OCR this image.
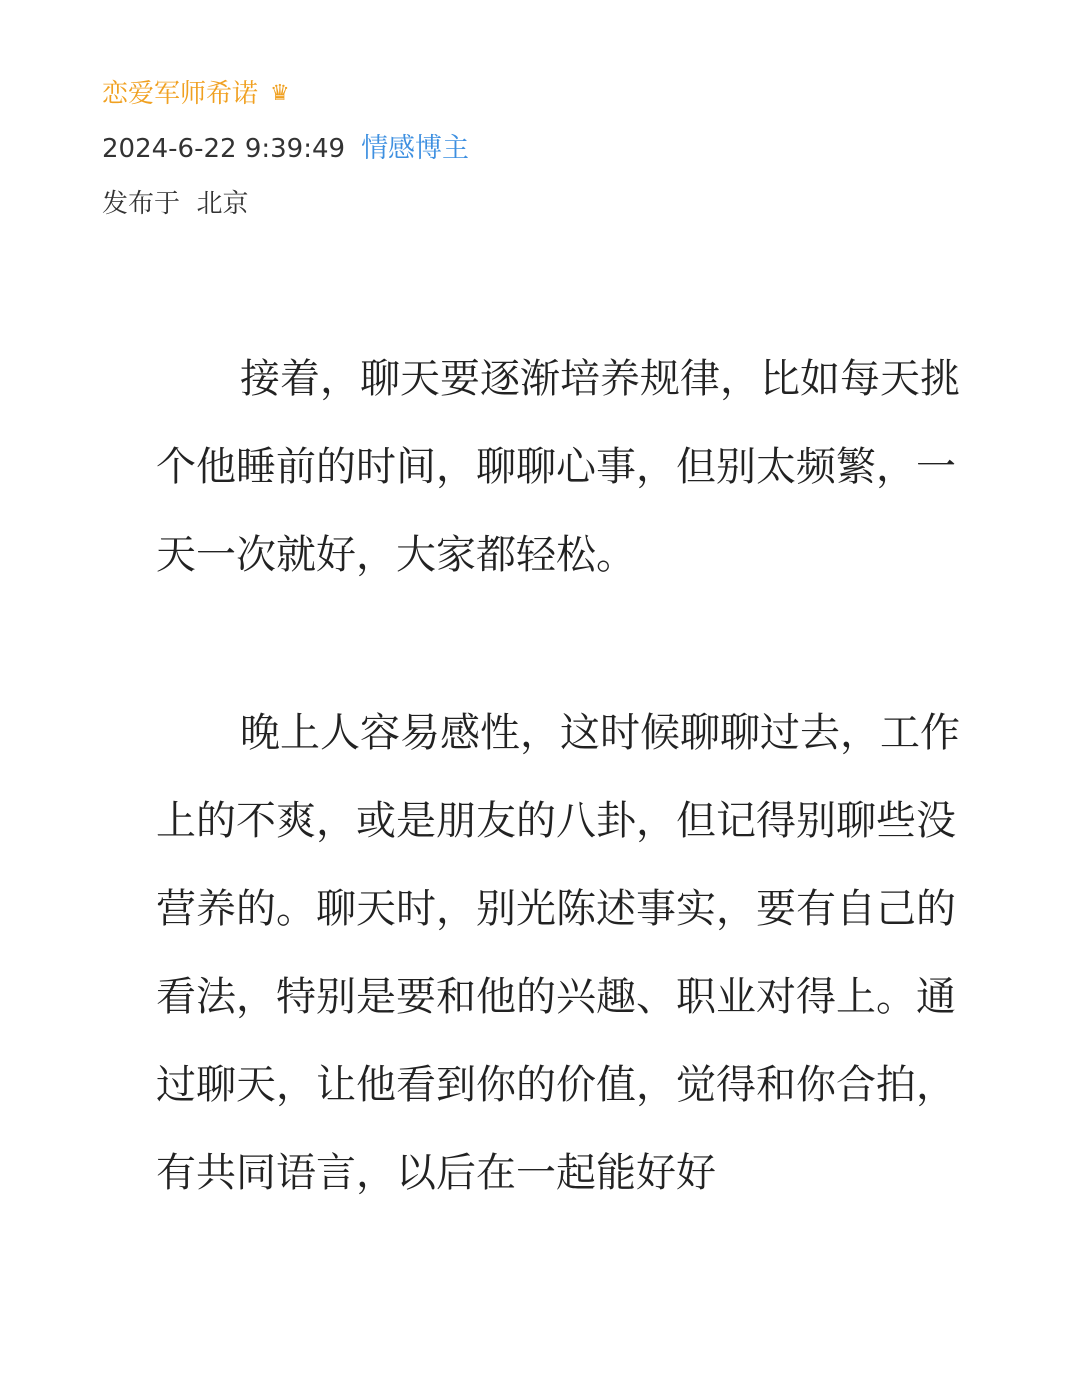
恋爱军师希诺 ♛
2024-6-22 9:39:49 情感博主
发布于  北京

接着，聊天要逐渐培养规律，比如每天挑个他睡前的时间，聊聊心事，但别太频繁，一天一次就好，大家都轻松。

晚上人容易感性，这时候聊聊过去，工作上的不爽，或是朋友的八卦，但记得别聊些没营养的。聊天时，别光陈述事实，要有自己的看法，特别是要和他的兴趣、职业对得上。通过聊天，让他看到你的价值，觉得和你合拍，有共同语言，以后在一起能好好
